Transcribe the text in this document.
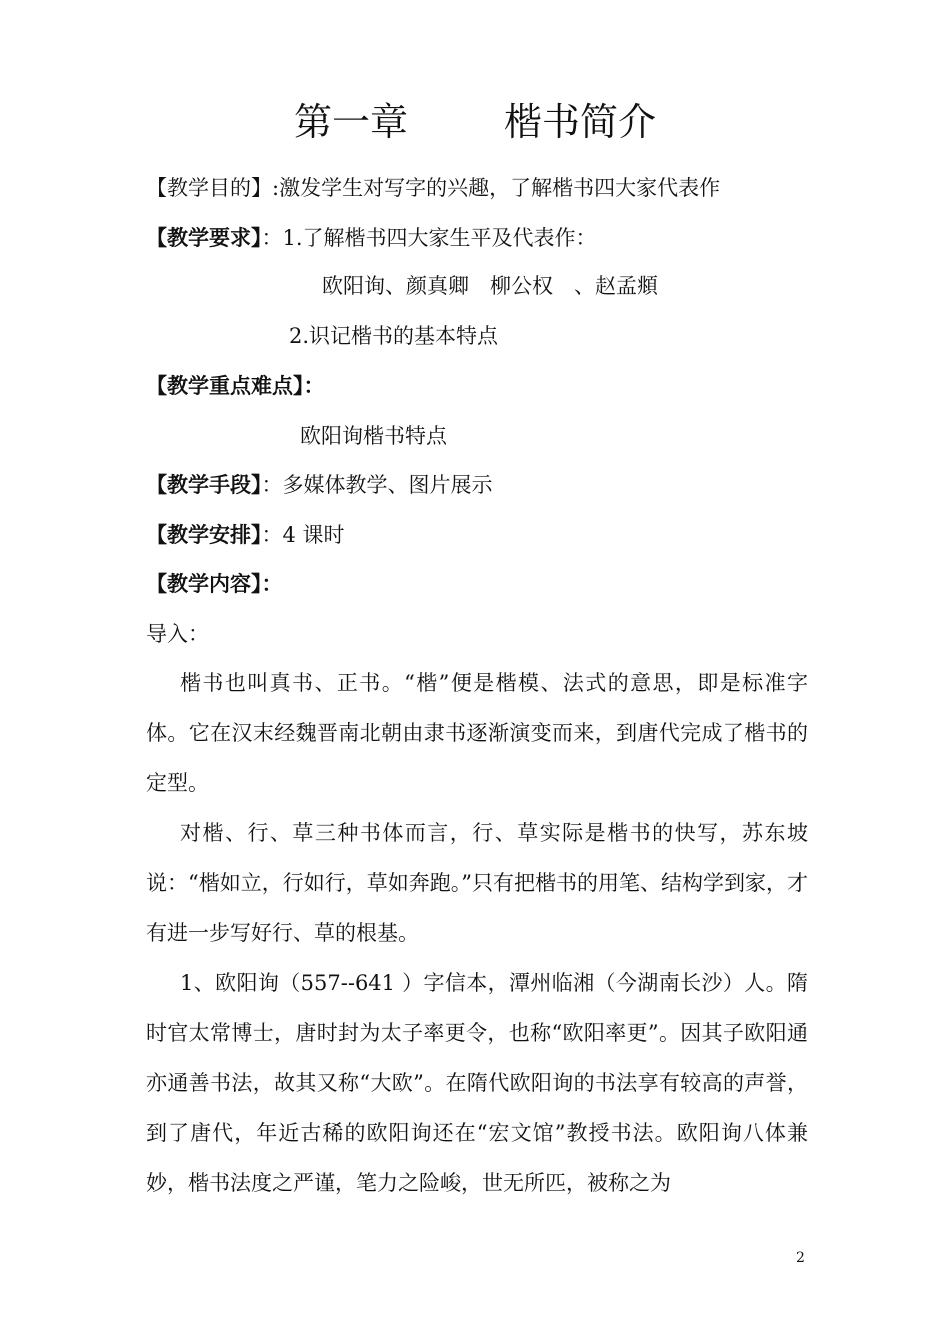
第一章	楷书简介
【教学目的】:激发学生对写字的兴趣，了解楷书四大家代表作
【教学要求】：1.了解楷书四大家生平及代表作：
欧阳询、颜真卿　柳公权　、赵孟頫
2.识记楷书的基本特点
【教学重点难点】：
欧阳询楷书特点
【教学手段】：多媒体教学、图片展示
【教学安排】：4 课时
【教学内容】：
导入：

楷书也叫真书、正书。“楷”便是楷模、法式的意思，即是标准字体。它在汉末经魏晋南北朝由隶书逐渐演变而来，到唐代完成了楷书的定型。

对楷、行、草三种书体而言，行、草实际是楷书的快写，苏东坡说：“楷如立，行如行，草如奔跑。”只有把楷书的用笔、结构学到家，才有进一步写好行、草的根基。

1、欧阳询（557--641 ）字信本，潭州临湘（今湖南长沙）人。隋时官太常博士，唐时封为太子率更令，也称“欧阳率更”。因其子欧阳通亦通善书法，故其又称“大欧”。在隋代欧阳询的书法享有较高的声誉，到了唐代，年近古稀的欧阳询还在“宏文馆”教授书法。欧阳询八体兼妙，楷书法度之严谨，笔力之险峻，世无所匹，被称之为

2
